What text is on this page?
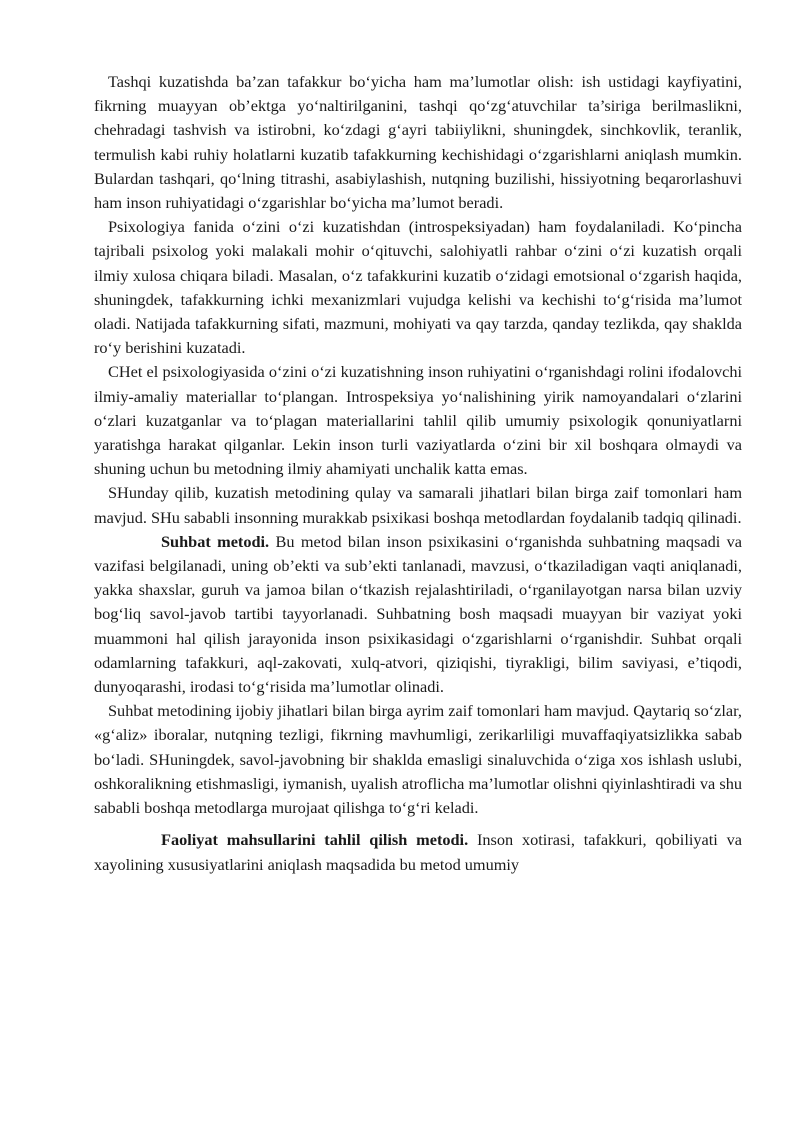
Tashqi kuzatishda ba’zan tafakkur bo‘yicha ham ma’lumotlar olish: ish ustidagi kayfiyatini, fikrning muayyan ob’ektga yo‘naltirilganini, tashqi qo‘zg‘atuvchilar ta’siriga berilmaslikni, chehradagi tashvish va istirobni, ko‘zdagi g‘ayri tabiiylikni, shuningdek, sinchkovlik, teranlik, termulish kabi ruhiy holatlarni kuzatib tafakkurning kechishidagi o‘zgarishlarni aniqlash mumkin. Bulardan tashqari, qo‘lning titrashi, asabiylashish, nutqning buzilishi, hissiyotning beqarorlashuvi ham inson ruhiyatidagi o‘zgarishlar bo‘yicha ma’lumot beradi.

Psixologiya fanida o‘zini o‘zi kuzatishdan (introspeksiyadan) ham foydalaniladi. Ko‘pincha tajribali psixolog yoki malakali mohir o‘qituvchi, salohiyatli rahbar o‘zini o‘zi kuzatish orqali ilmiy xulosa chiqara biladi. Masalan, o‘z tafakkurini kuzatib o‘zidagi emotsional o‘zgarish haqida, shuningdek, tafakkurning ichki mexanizmlari vujudga kelishi va kechishi to‘g‘risida ma’lumot oladi. Natijada tafakkurning sifati, mazmuni, mohiyati va qay tarzda, qanday tezlikda, qay shaklda ro‘y berishini kuzatadi.

CHet el psixologiyasida o‘zini o‘zi kuzatishning inson ruhiyatini o‘rganishdagi rolini ifodalovchi ilmiy-amaliy materiallar to‘plangan. Introspeksiya yo‘nalishining yirik namoyandalari o‘zlarini o‘zlari kuzatganlar va to‘plagan materiallarini tahlil qilib umumiy psixologik qonuniyatlarni yaratishga harakat qilganlar. Lekin inson turli vaziyatlarda o‘zini bir xil boshqara olmaydi va shuning uchun bu metodning ilmiy ahamiyati unchalik katta emas.

SHunday qilib, kuzatish metodining qulay va samarali jihatlari bilan birga zaif tomonlari ham mavjud. SHu sababli insonning murakkab psixikasi boshqa metodlardan foydalanib tadqiq qilinadi.

Suhbat metodi. Bu metod bilan inson psixikasini o‘rganishda suhbatning maqsadi va vazifasi belgilanadi, uning ob’ekti va sub’ekti tanlanadi, mavzusi, o‘tkaziladigan vaqti aniqlanadi, yakka shaxslar, guruh va jamoa bilan o‘tkazish rejalashtiriladi, o‘rganilayotgan narsa bilan uzviy bog‘liq savol-javob tartibi tayyorlanadi. Suhbatning bosh maqsadi muayyan bir vaziyat yoki muammoni hal qilish jarayonida inson psixikasidagi o‘zgarishlarni o‘rganishdir. Suhbat orqali odamlarning tafakkuri, aql-zakovati, xulq-atvori, qiziqishi, tiyrakligi, bilim saviyasi, e’tiqodi, dunyoqarashi, irodasi to‘g‘risida ma’lumotlar olinadi.

Suhbat metodining ijobiy jihatlari bilan birga ayrim zaif tomonlari ham mavjud. Qaytariq so‘zlar, «g‘aliz» iboralar, nutqning tezligi, fikrning mavhumligi, zerikarliligi muvaffaqiyatsizlikka sabab bo‘ladi. SHuningdek, savol-javobning bir shaklda emasligi sinaluvchida o‘ziga xos ishlash uslubi, oshkoralikning etishmasligi, iymanish, uyalish atroflicha ma’lumotlar olishni qiyinlashtiradi va shu sababli boshqa metodlarga murojaat qilishga to‘g‘ri keladi.

Faoliyat mahsullarini tahlil qilish metodi. Inson xotirasi, tafakkuri, qobiliyati va xayolining xususiyatlarini aniqlash maqsadida bu metod umumiy
